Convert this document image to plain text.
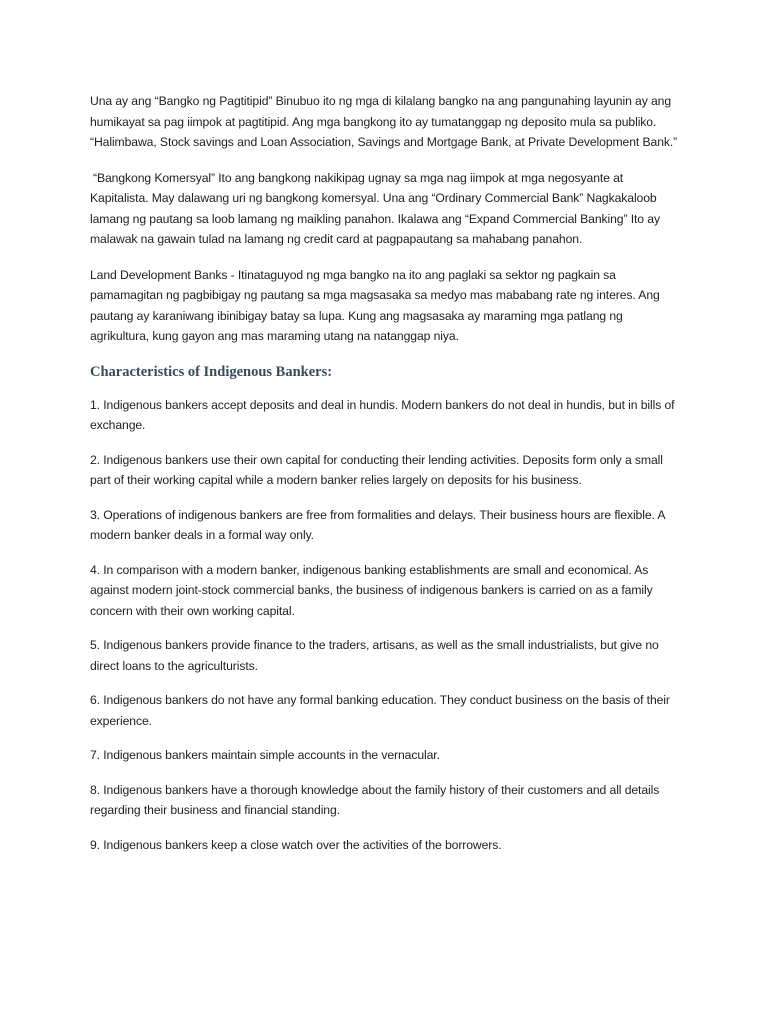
Una ay ang “Bangko ng Pagtitipid” Binubuo ito ng mga di kilalang bangko na ang pangunahing layunin ay ang humikayat sa pag iimpok at pagtitipid. Ang mga bangkong ito ay tumatanggap ng deposito mula sa publiko. “Halimbawa, Stock savings and Loan Association, Savings and Mortgage Bank, at Private Development Bank.”

“Bangkong Komersyal” Ito ang bangkong nakikipag ugnay sa mga nag iimpok at mga negosyante at Kapitalista. May dalawang uri ng bangkong komersyal. Una ang “Ordinary Commercial Bank” Nagkakaloob lamang ng pautang sa loob lamang ng maikling panahon. Ikalawa ang “Expand Commercial Banking” Ito ay malawak na gawain tulad na lamang ng credit card at pagpapautang sa mahabang panahon.

Land Development Banks - Itinataguyod ng mga bangko na ito ang paglaki sa sektor ng pagkain sa pamamagitan ng pagbibigay ng pautang sa mga magsasaka sa medyo mas mababang rate ng interes. Ang pautang ay karaniwang ibinibigay batay sa lupa. Kung ang magsasaka ay maraming mga patlang ng agrikultura, kung gayon ang mas maraming utang na natanggap niya.

Characteristics of Indigenous Bankers:

1. Indigenous bankers accept deposits and deal in hundis. Modern bankers do not deal in hundis, but in bills of exchange.

2. Indigenous bankers use their own capital for conducting their lending activities. Deposits form only a small part of their working capital while a modern banker relies largely on deposits for his business.

3. Operations of indigenous bankers are free from formalities and delays. Their business hours are flexible. A modern banker deals in a formal way only.

4. In comparison with a modern banker, indigenous banking establishments are small and economical. As against modern joint-stock commercial banks, the business of indigenous bankers is carried on as a family concern with their own working capital.

5. Indigenous bankers provide finance to the traders, artisans, as well as the small industrialists, but give no direct loans to the agriculturists.

6. Indigenous bankers do not have any formal banking education. They conduct business on the basis of their experience.

7. Indigenous bankers maintain simple accounts in the vernacular.

8. Indigenous bankers have a thorough knowledge about the family history of their customers and all details regarding their business and financial standing.

9. Indigenous bankers keep a close watch over the activities of the borrowers.
